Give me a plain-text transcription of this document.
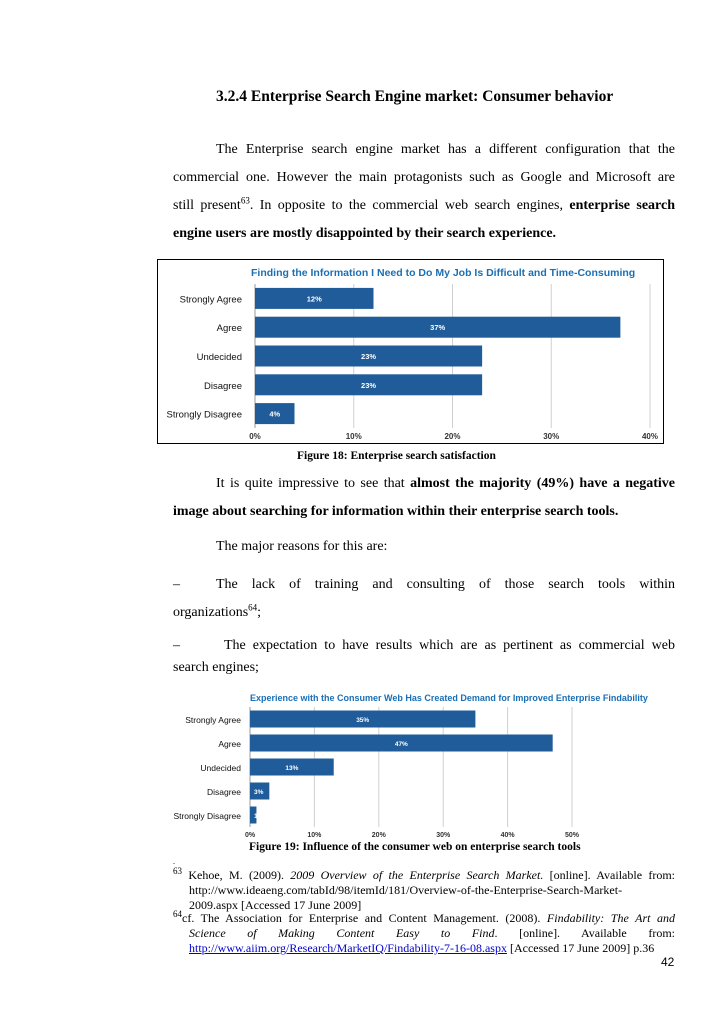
3.2.4 Enterprise Search Engine market: Consumer behavior
The Enterprise search engine market has a different configuration that the
commercial one. However the main protagonists such as Google and Microsoft are
still present$^{63}$. In opposite to the commercial web search engines, enterprise search
engine users are mostly disappointed by their search experience.
Finding the Information I Need to Do My Job Is Difficult and Time-Consuming
0%	10%	20%	30%	40%
Strongly Agree	12%
Agree	37%
Undecided	23%
Disagree	23%
Strongly Disagree	4%
Figure 18: Enterprise search satisfaction
It is quite impressive to see that almost the majority (49%) have a negative
image about searching for information within their enterprise search tools.
The major reasons for this are:
–	The lack of training and consulting of those search tools within
organizations$^{64}$;
–	The expectation to have results which are as pertinent as commercial web
search engines;
Experience with the Consumer Web Has Created Demand for Improved Enterprise Findability
0%	10%	20%	30%	40%	50%
Strongly Agree	35%
Agree	47%
Undecided	13%
Disagree 3%
Strongly Disagree 1%
Figure 19: Influence of the consumer web on enterprise search tools
.
$^{63}$ Kehoe, M. (2009). 2009 Overview of the Enterprise Search Market. [online]. Available from:
http://www.ideaeng.com/tabId/98/itemId/181/Overview-of-the-Enterprise-Search-Market-
2009.aspx [Accessed 17 June 2009]
$^{64}$cf. The Association for Enterprise and Content Management. (2008). Findability: The Art and
Science of Making Content Easy to Find. [online]. Available from:
http://www.aiim.org/Research/MarketIQ/Findability-7-16-08.aspx [Accessed 17 June 2009] p.36
42
